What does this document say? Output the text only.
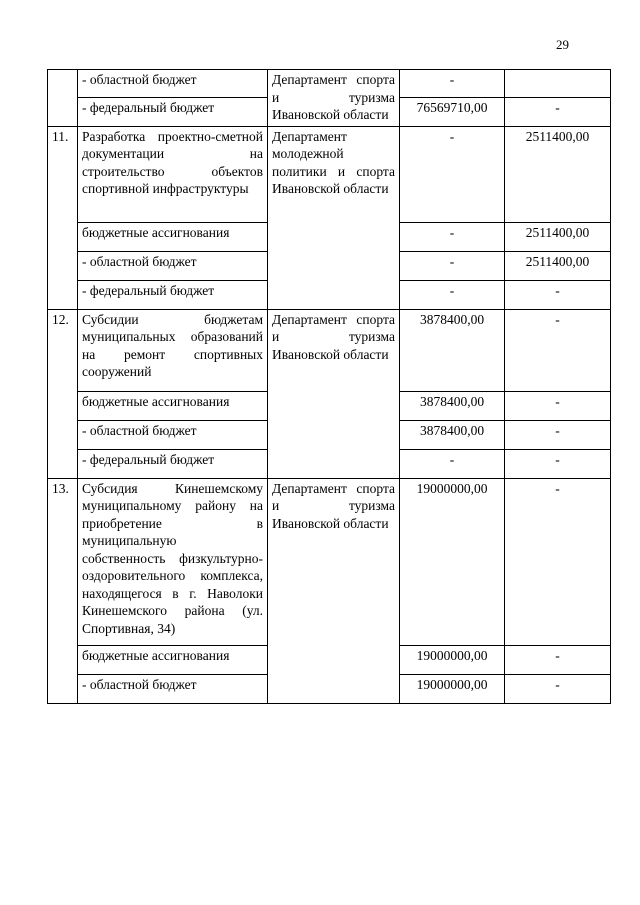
29
	- областной бюджет	Департамент спорта и туризма Ивановской области	-	
	- федеральный бюджет		76569710,00	-
11.	Разработка проектно-сметной документации на строительство объектов спортивной инфраструктуры	Департамент молодежной политики и спорта Ивановской области	-	2511400,00
	бюджетные ассигнования		-	2511400,00
	- областной бюджет		-	2511400,00
	- федеральный бюджет		-	-
12.	Субсидии бюджетам муниципальных образований на ремонт спортивных сооружений	Департамент спорта и туризма Ивановской области	3878400,00	-
	бюджетные ассигнования		3878400,00	-
	- областной бюджет		3878400,00	-
	- федеральный бюджет		-	-
13.	Субсидия Кинешемскому муниципальному району на приобретение в муниципальную собственность физкультурно-оздоровительного комплекса, находящегося в г. Наволоки Кинешемского района (ул. Спортивная, 34)	Департамент спорта и туризма Ивановской области	19000000,00	-
	бюджетные ассигнования		19000000,00	-
	- областной бюджет		19000000,00	-
